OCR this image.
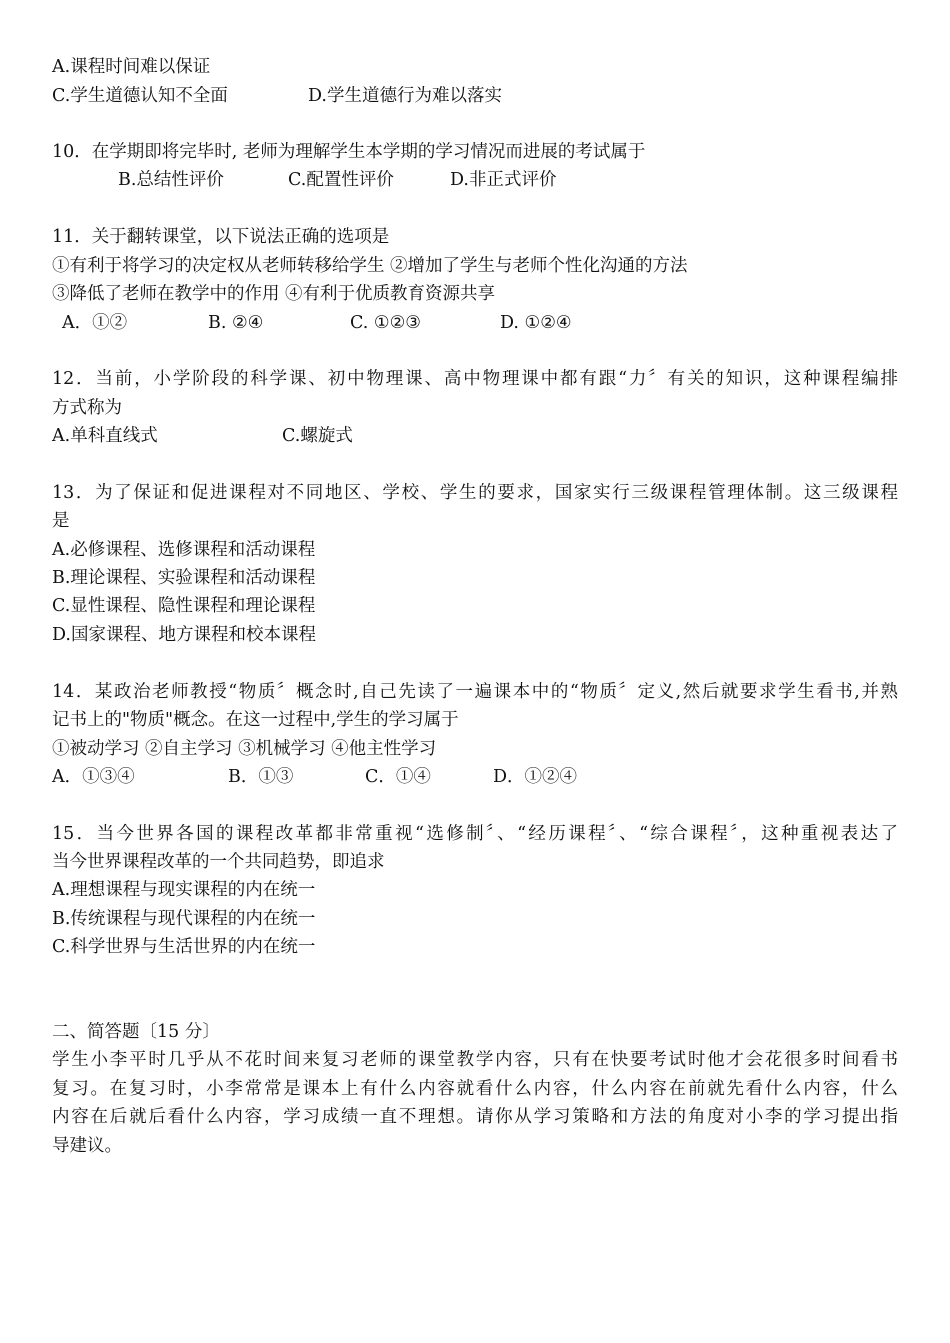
A.课程时间难以保证
C.学生道德认知不全面	D.学生道德行为难以落实
10．在学期即将完毕时, 老师为理解学生本学期的学习情况而进展的考试属于
B.总结性评价	C.配置性评价	D.非正式评价
11．关于翻转课堂，以下说法正确的选项是
①有利于将学习的决定权从老师转移给学生 ②增加了学生与老师个性化沟通的方法
③降低了老师在教学中的作用 ④有利于优质教育资源共享
A．①②	B. ②④	C. ①②③	D. ①②④
12．当前，小学阶段的科学课、初中物理课、高中物理课中都有跟“力〞有关的知识，这种课程编排
方式称为
A.单科直线式	C.螺旋式
13．为了保证和促进课程对不同地区、学校、学生的要求，国家实行三级课程管理体制。这三级课程
是
A.必修课程、选修课程和活动课程
B.理论课程、实验课程和活动课程
C.显性课程、隐性课程和理论课程
D.国家课程、地方课程和校本课程
14．某政治老师教授“物质〞概念时,自己先读了一遍课本中的“物质〞定义,然后就要求学生看书,并熟
记书上的"物质"概念。在这一过程中,学生的学习属于
①被动学习 ②自主学习 ③机械学习 ④他主性学习
A．①③④	B．①③	C．①④	D．①②④
15．当今世界各国的课程改革都非常重视“选修制〞、“经历课程〞、“综合课程〞，这种重视表达了
当今世界课程改革的一个共同趋势，即追求
A.理想课程与现实课程的内在统一
B.传统课程与现代课程的内在统一
C.科学世界与生活世界的内在统一
二、简答题〔15 分〕
学生小李平时几乎从不花时间来复习老师的课堂教学内容，只有在快要考试时他才会花很多时间看书
复习。在复习时，小李常常是课本上有什么内容就看什么内容，什么内容在前就先看什么内容，什么
内容在后就后看什么内容，学习成绩一直不理想。请你从学习策略和方法的角度对小李的学习提出指
导建议。
